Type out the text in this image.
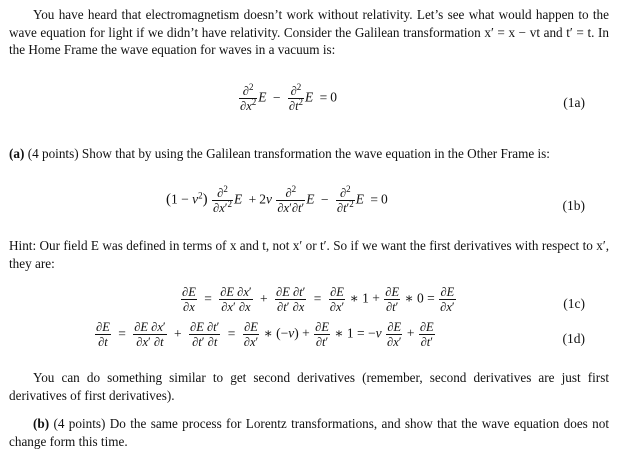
You have heard that electromagnetism doesn’t work without relativity. Let’s see what would happen to the wave equation for light if we didn’t have relativity. Consider the Galilean transformation x′ = x − vt and t′ = t. In the Home Frame the wave equation for waves in a vacuum is:
$\frac{\partial^2}{\partial x^2}$ $E - \frac{\partial^2}{\partial t^2}$ E = 0	(1a)
(a) (4 points) Show that by using the Galilean transformation the wave equation in the Other Frame is:
$(1 - v^2) \frac{\partial^2}{\partial x'^2}$ $E + 2v \frac{\partial^2}{\partial x'\partial t'}$ $E - \frac{\partial^2}{\partial t'^2}$ E = 0	(1b)
Hint: Our field E was defined in terms of x and t, not x′ or t′. So if we want the first derivatives with respect to x′, they are:
$\frac{\partial E}{\partial x} = \frac{\partial E \partial x'}{\partial x' \partial x} + \frac{\partial E \partial t'}{\partial t' \partial x} = \frac{\partial E}{\partial x'}$ ∗ $1 + \frac{\partial E}{\partial t'}$ ∗ $0 = \frac{\partial E}{\partial x'}$	(1c)
$\frac{\partial E}{\partial t} = \frac{\partial E \partial x'}{\partial x' \partial t} + \frac{\partial E \partial t'}{\partial t' \partial t} = \frac{\partial E}{\partial x'}$ ∗ $(-v) + \frac{\partial E}{\partial t'}$ ∗ $1 = -v \frac{\partial E}{\partial x'} + \frac{\partial E}{\partial t'}$	(1d)
You can do something similar to get second derivatives (remember, second derivatives are just first derivatives of first derivatives).
(b) (4 points) Do the same process for Lorentz transformations, and show that the wave equation does not change form this time.
